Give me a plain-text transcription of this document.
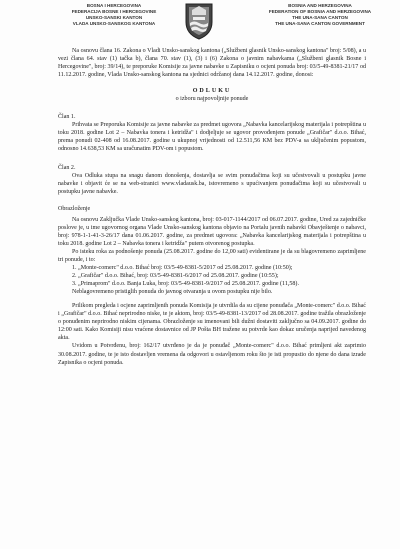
BOSNA I HERCEGOVINA
FEDERACIJA BOSNE I HERCEGOVINE
UNSKO-SANSKI KANTON
VLADA UNSKO-SANSKOG KANTONA
BOSNIA AND HERZEGOVINA
FEDERATION OF BOSNIA AND HERZEGOVINA
THE UNA-SANA CANTON
THE UNA-SANA CANTON GOVERNMENT

Na osnovu člana 16. Zakona o Vladi Unsko-sanskog kantona („Službeni glasnik Unsko-sanskog kantona" broj: 5/08), a u vezi člana 64. stav (1) tačka b), člana 70. stav (1), (3) i (6) Zakona o javnim nabavkama („Službeni glasnik Bosne i Hercegovine", broj: 39/14), te preporuke Komisije za javne nabavke u Zapisniku o ocjeni ponuda broj: 03/5-49-8381-21/17 od 11.12.2017. godine, Vlada Unsko-sanskog kantona na sjednici održanoj dana 14.12.2017. godine, donosi:

ODLUKU

o izboru najpovoljnije ponude

Član 1.

Prihvata se Preporuka Komisije za javne nabavke za predmet ugovora „Nabavka kancelarijskog materijala i potrepština u toku 2018. godine Lot 2 – Nabavka tonera i ketridža" i dodjeljuje se ugovor provođenjem ponude „Grafičar" d.o.o. Bihać, prema ponudi 02-408 od 16.08.2017. godine u ukupnoj vrijednosti od 12.511,56 KM bez PDV-a sa uključenim popustom, odnosno 14.638,53 KM sa uračunatim PDV-om i popustom.

Član 2.

Ova Odluka stupa na snagu danom donošenja, dostavlja se svim ponuđačima koji su učestvovali u postupku javne nabavke i objavit će se na web-stranici www.vladausk.ba, istovremeno s upućivanjem ponuđačima koji su učestvovali u postupku javne nabavke.

Obrazloženje

Na osnovu Zaključka Vlade Unsko-sanskog kantona, broj: 03-017-1144/2017 od 06.07.2017. godine, Ured za zajedničke poslove je, u ime ugovornog organa Vlade Unsko-sanskog kantona objavio na Portalu javnih nabavki Obavještenje o nabavci, broj: 978-1-1-41-3-26/17 dana 01.06.2017. godine, za predmet ugovora: „Nabavka kancelarijskog materijala i potrepština u toku 2018. godine Lot 2 – Nabavka tonera i ketridža" putem otvorenog postupka.

Po isteku roka za podnošenje ponuda (25.08.2017. godine do 12,00 sati) evidentirane je da su blagovremeno zaprimljene tri ponude, i to:

1. „Monte-comerc" d.o.o. Bihać broj: 03/5-49-8381-5/2017 od 25.08.2017. godine (10:50);

2. „Grafičar" d.o.o. Bihać, broj: 03/5-49-8381-6/2017 od 25.08.2017. godine (10:55);

3. „Primaprom" d.o.o. Banja Luka, broj: 03/5-49-8381-9/2017 od 25.08.2017. godine (11,58).

Neblagovremeno pristiglih ponuda do javnog otvaranja u ovom postupku nije bilo.

Prilikom pregleda i ocjene zaprimljenih ponuda Komisija je utvrdila da su cijene ponuđača „Monte-comerc" d.o.o. Bihać i „Grafičar" d.o.o. Bihać neprirodno niske, te je aktom, broj: 03/5-49-8381-13/2017 od 28.08.2017. godine tražila obrazloženje o ponuđenim neprirodno niskim cijenama. Obrazloženje su imenovani bili dužni dostaviti zaključno sa 04.09.2017. godine do 12:00 sati. Kako Komisiji nisu vraćene dostavnice od JP Pošta BH tražene su potvrde kao dokaz uručenja naprijed navedenog akta.

Uvidom u Potvrđenu, broj: 162/17 utvrđeno je da je ponuđač „Monte-comerc" d.o.o. Bihać primljeni akt zaprimio 30.08.2017. godine, te je isto dostavljen vremena da odgovori u ostavljenom roku što je isti propustio do njene do dana izrade Zapisnika o ocjeni ponuda.
